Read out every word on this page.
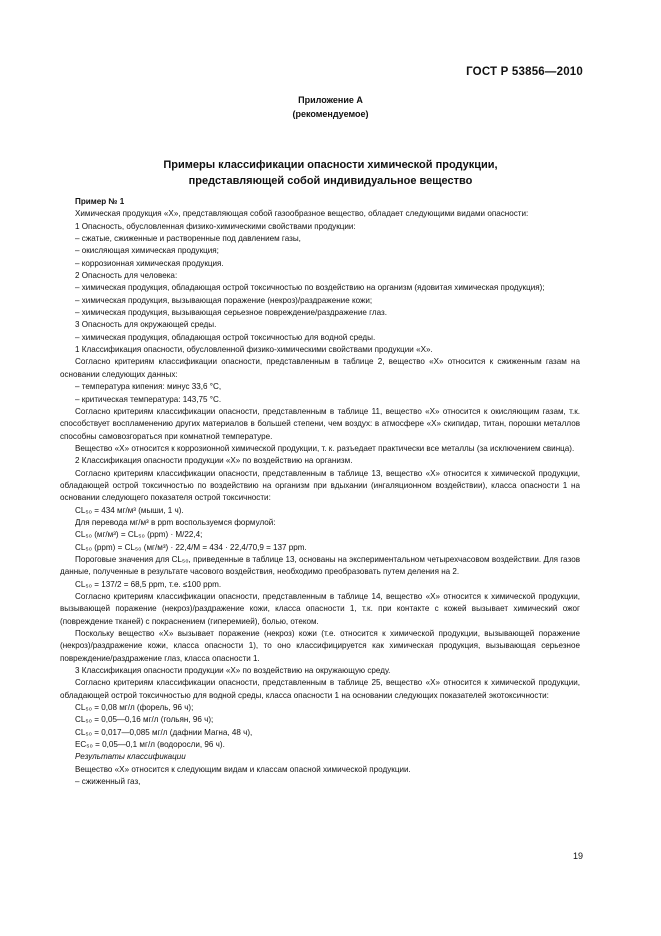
ГОСТ Р 53856—2010
Приложение А
(рекомендуемое)
Примеры классификации опасности химической продукции,
представляющей собой индивидуальное вещество

Пример № 1

Химическая продукция «Х», представляющая собой газообразное вещество, обладает следующими видами опасности:

1 Опасность, обусловленная физико-химическими свойствами продукции:

– сжатые, сжиженные и растворенные под давлением газы,

– окисляющая химическая продукция;

– коррозионная химическая продукция.

2 Опасность для человека:

– химическая продукция, обладающая острой токсичностью по воздействию на организм (ядовитая химическая продукция);

– химическая продукция, вызывающая поражение (некроз)/раздражение кожи;

– химическая продукция, вызывающая серьезное повреждение/раздражение глаз.

3 Опасность для окружающей среды.

– химическая продукция, обладающая острой токсичностью для водной среды.

1 Классификация опасности, обусловленной физико-химическими свойствами продукции «Х».

Согласно критериям классификации опасности, представленным в таблице 2, вещество «Х» относится к сжиженным газам на основании следующих данных:

– температура кипения: минус 33,6 °С,

– критическая температура: 143,75 °С.

Согласно критериям классификации опасности, представленным в таблице 11, вещество «Х» относится к окисляющим газам, т.к. способствует воспламенению других материалов в большей степени, чем воздух: в атмосфере «Х» скипидар, титан, порошки металлов способны самовозгораться при комнатной температуре.

Вещество «Х» относится к коррозионной химической продукции, т. к. разъедает практически все металлы (за исключением свинца).

2 Классификация опасности продукции «Х» по воздействию на организм.

Согласно критериям классификации опасности, представленным в таблице 13, вещество «Х» относится к химической продукции, обладающей острой токсичностью по воздействию на организм при вдыхании (ингаляционном воздействии), класса опасности 1 на основании следующего показателя острой токсичности:

CL₅₀ = 434 мг/м³ (мыши, 1 ч).

Для перевода мг/м³ в ppm воспользуемся формулой:

CL₅₀ (мг/м³) = CL₅₀ (ppm) · M/22,4;

CL₅₀ (ppm) = CL₅₀ (мг/м³) · 22,4/M = 434 · 22,4/70,9 = 137 ppm.

Пороговые значения для CL₅₀, приведенные в таблице 13, основаны на экспериментальном четырехчасовом воздействии. Для газов данные, полученные в результате часового воздействия, необходимо преобразовать путем деления на 2.

CL₅₀ = 137/2 = 68,5 ppm, т.е. ≤100 ppm.

Согласно критериям классификации опасности, представленным в таблице 14, вещество «Х» относится к химической продукции, вызывающей поражение (некроз)/раздражение кожи, класса опасности 1, т.к. при контакте с кожей вызывает химический ожог (повреждение тканей) с покраснением (гиперемией), болью, отеком.

Поскольку вещество «Х» вызывает поражение (некроз) кожи (т.е. относится к химической продукции, вызывающей поражение (некроз)/раздражение кожи, класса опасности 1), то оно классифицируется как химическая продукция, вызывающая серьезное повреждение/раздражение глаз, класса опасности 1.

3 Классификация опасности продукции «Х» по воздействию на окружающую среду.

Согласно критериям классификации опасности, представленным в таблице 25, вещество «Х» относится к химической продукции, обладающей острой токсичностью для водной среды, класса опасности 1 на основании следующих показателей экотоксичности:

CL₅₀ = 0,08 мг/л (форель, 96 ч);

CL₅₀ = 0,05—0,16 мг/л (гольян, 96 ч);

CL₅₀ = 0,017—0,085 мг/л (дафнии Магна, 48 ч),

EC₅₀ = 0,05—0,1 мг/л (водоросли, 96 ч).

Результаты классификации

Вещество «Х» относится к следующим видам и классам опасной химической продукции.

– сжиженный газ,

19
